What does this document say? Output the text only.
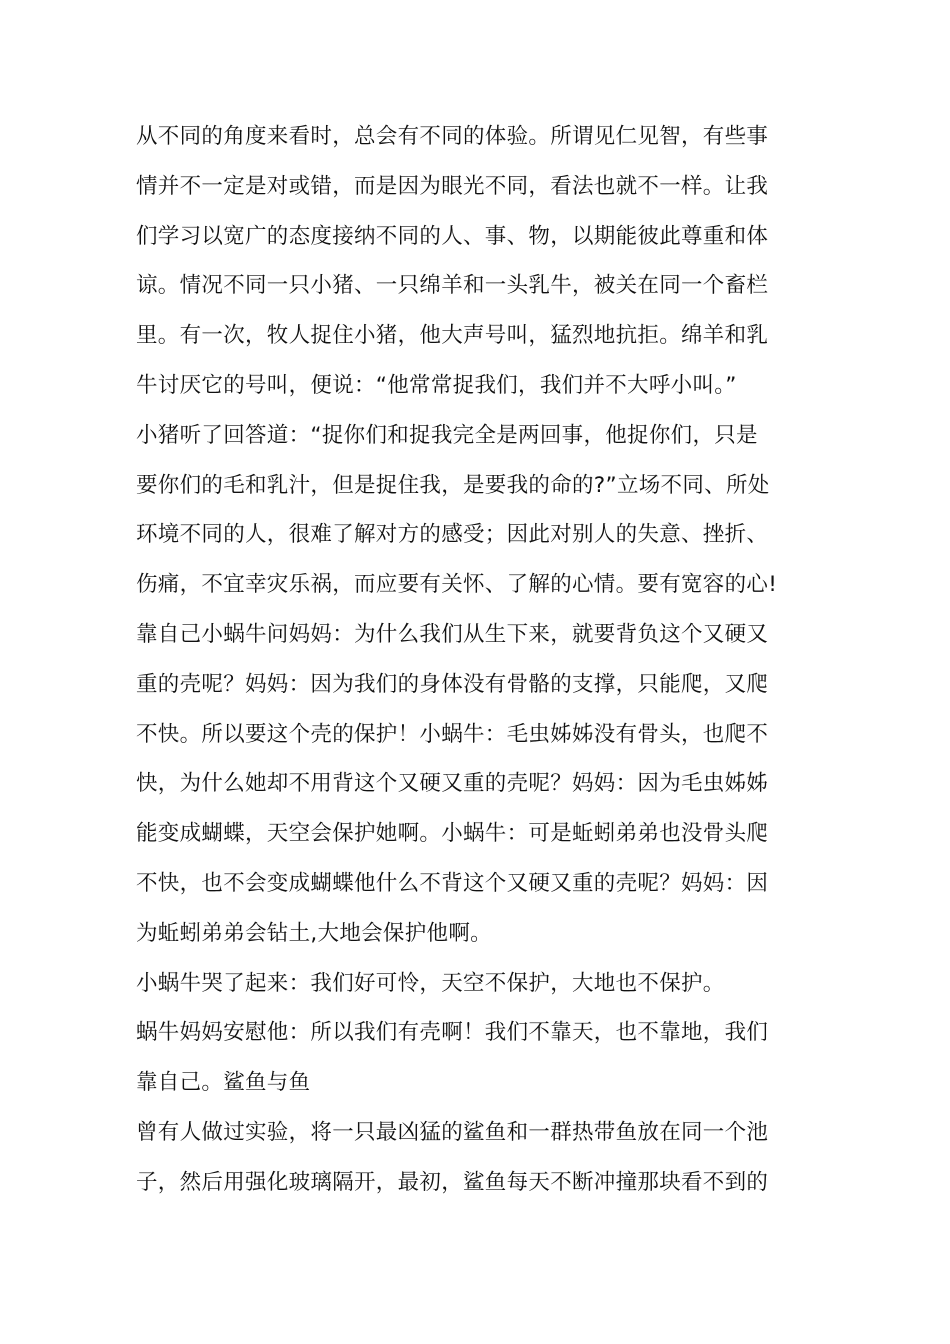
从不同的角度来看时，总会有不同的体验。所谓见仁见智，有些事
情并不一定是对或错，而是因为眼光不同，看法也就不一样。让我
们学习以宽广的态度接纳不同的人、事、物，以期能彼此尊重和体
谅。情况不同一只小猪、一只绵羊和一头乳牛，被关在同一个畜栏
里。有一次，牧人捉住小猪，他大声号叫，猛烈地抗拒。绵羊和乳
牛讨厌它的号叫，便说：“他常常捉我们，我们并不大呼小叫。”
小猪听了回答道：“捉你们和捉我完全是两回事，他捉你们，只是
要你们的毛和乳汁，但是捉住我，是要我的命的?”立场不同、所处
环境不同的人，很难了解对方的感受；因此对别人的失意、挫折、
伤痛，不宜幸灾乐祸，而应要有关怀、了解的心情。要有宽容的心!
靠自己小蜗牛问妈妈：为什么我们从生下来，就要背负这个又硬又
重的壳呢？妈妈：因为我们的身体没有骨骼的支撑，只能爬，又爬
不快。所以要这个壳的保护！小蜗牛：毛虫姊姊没有骨头，也爬不
快，为什么她却不用背这个又硬又重的壳呢？妈妈：因为毛虫姊姊
能变成蝴蝶，天空会保护她啊。小蜗牛：可是蚯蚓弟弟也没骨头爬
不快，也不会变成蝴蝶他什么不背这个又硬又重的壳呢？妈妈：因
为蚯蚓弟弟会钻土,大地会保护他啊。
小蜗牛哭了起来：我们好可怜，天空不保护，大地也不保护。
蜗牛妈妈安慰他：所以我们有壳啊！我们不靠天，也不靠地，我们
靠自己。鲨鱼与鱼
曾有人做过实验，将一只最凶猛的鲨鱼和一群热带鱼放在同一个池
子，然后用强化玻璃隔开，最初，鲨鱼每天不断冲撞那块看不到的
